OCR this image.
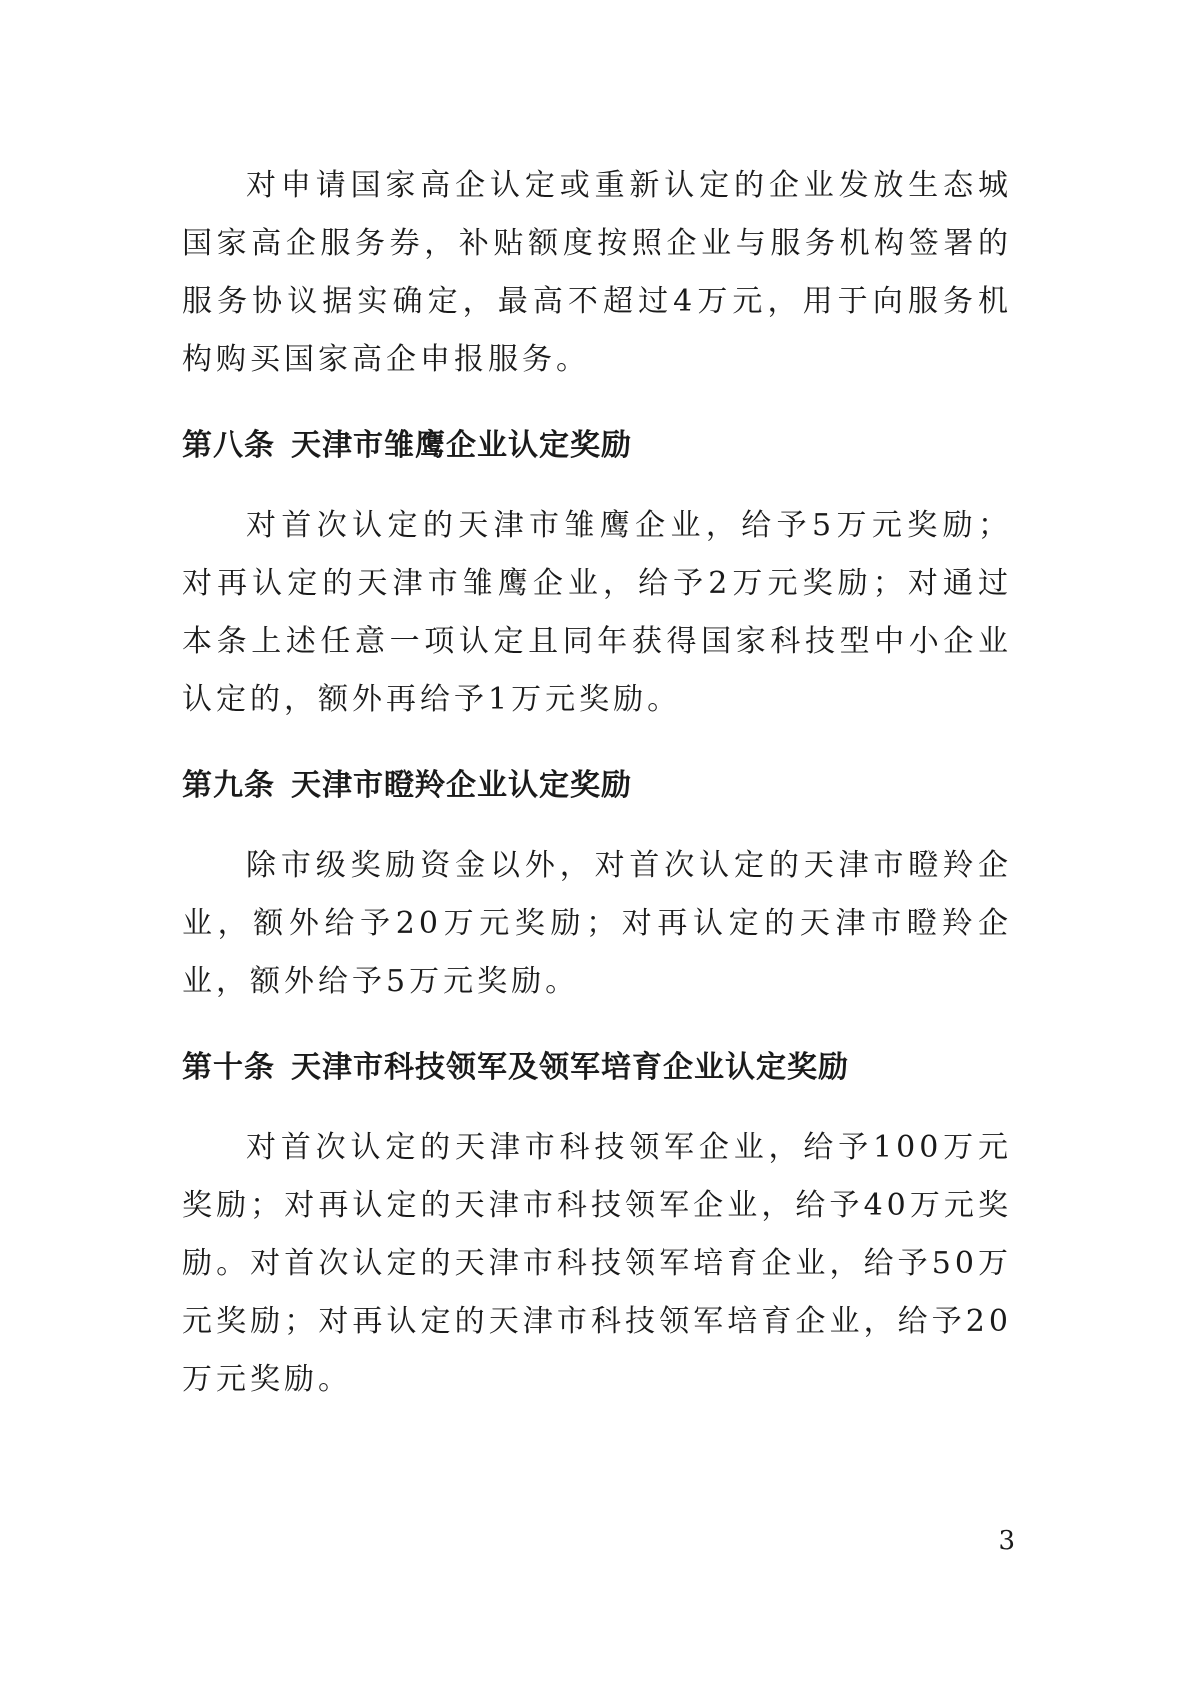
对申请国家高企认定或重新认定的企业发放生态城国家高企服务券，补贴额度按照企业与服务机构签署的服务协议据实确定，最高不超过4万元，用于向服务机构购买国家高企申报服务。

第八条 天津市雏鹰企业认定奖励

对首次认定的天津市雏鹰企业，给予5万元奖励；对再认定的天津市雏鹰企业，给予2万元奖励；对通过本条上述任意一项认定且同年获得国家科技型中小企业认定的，额外再给予1万元奖励。

第九条 天津市瞪羚企业认定奖励

除市级奖励资金以外，对首次认定的天津市瞪羚企业，额外给予20万元奖励；对再认定的天津市瞪羚企业，额外给予5万元奖励。

第十条 天津市科技领军及领军培育企业认定奖励

对首次认定的天津市科技领军企业，给予100万元奖励；对再认定的天津市科技领军企业，给予40万元奖励。对首次认定的天津市科技领军培育企业，给予50万元奖励；对再认定的天津市科技领军培育企业，给予20万元奖励。

3
